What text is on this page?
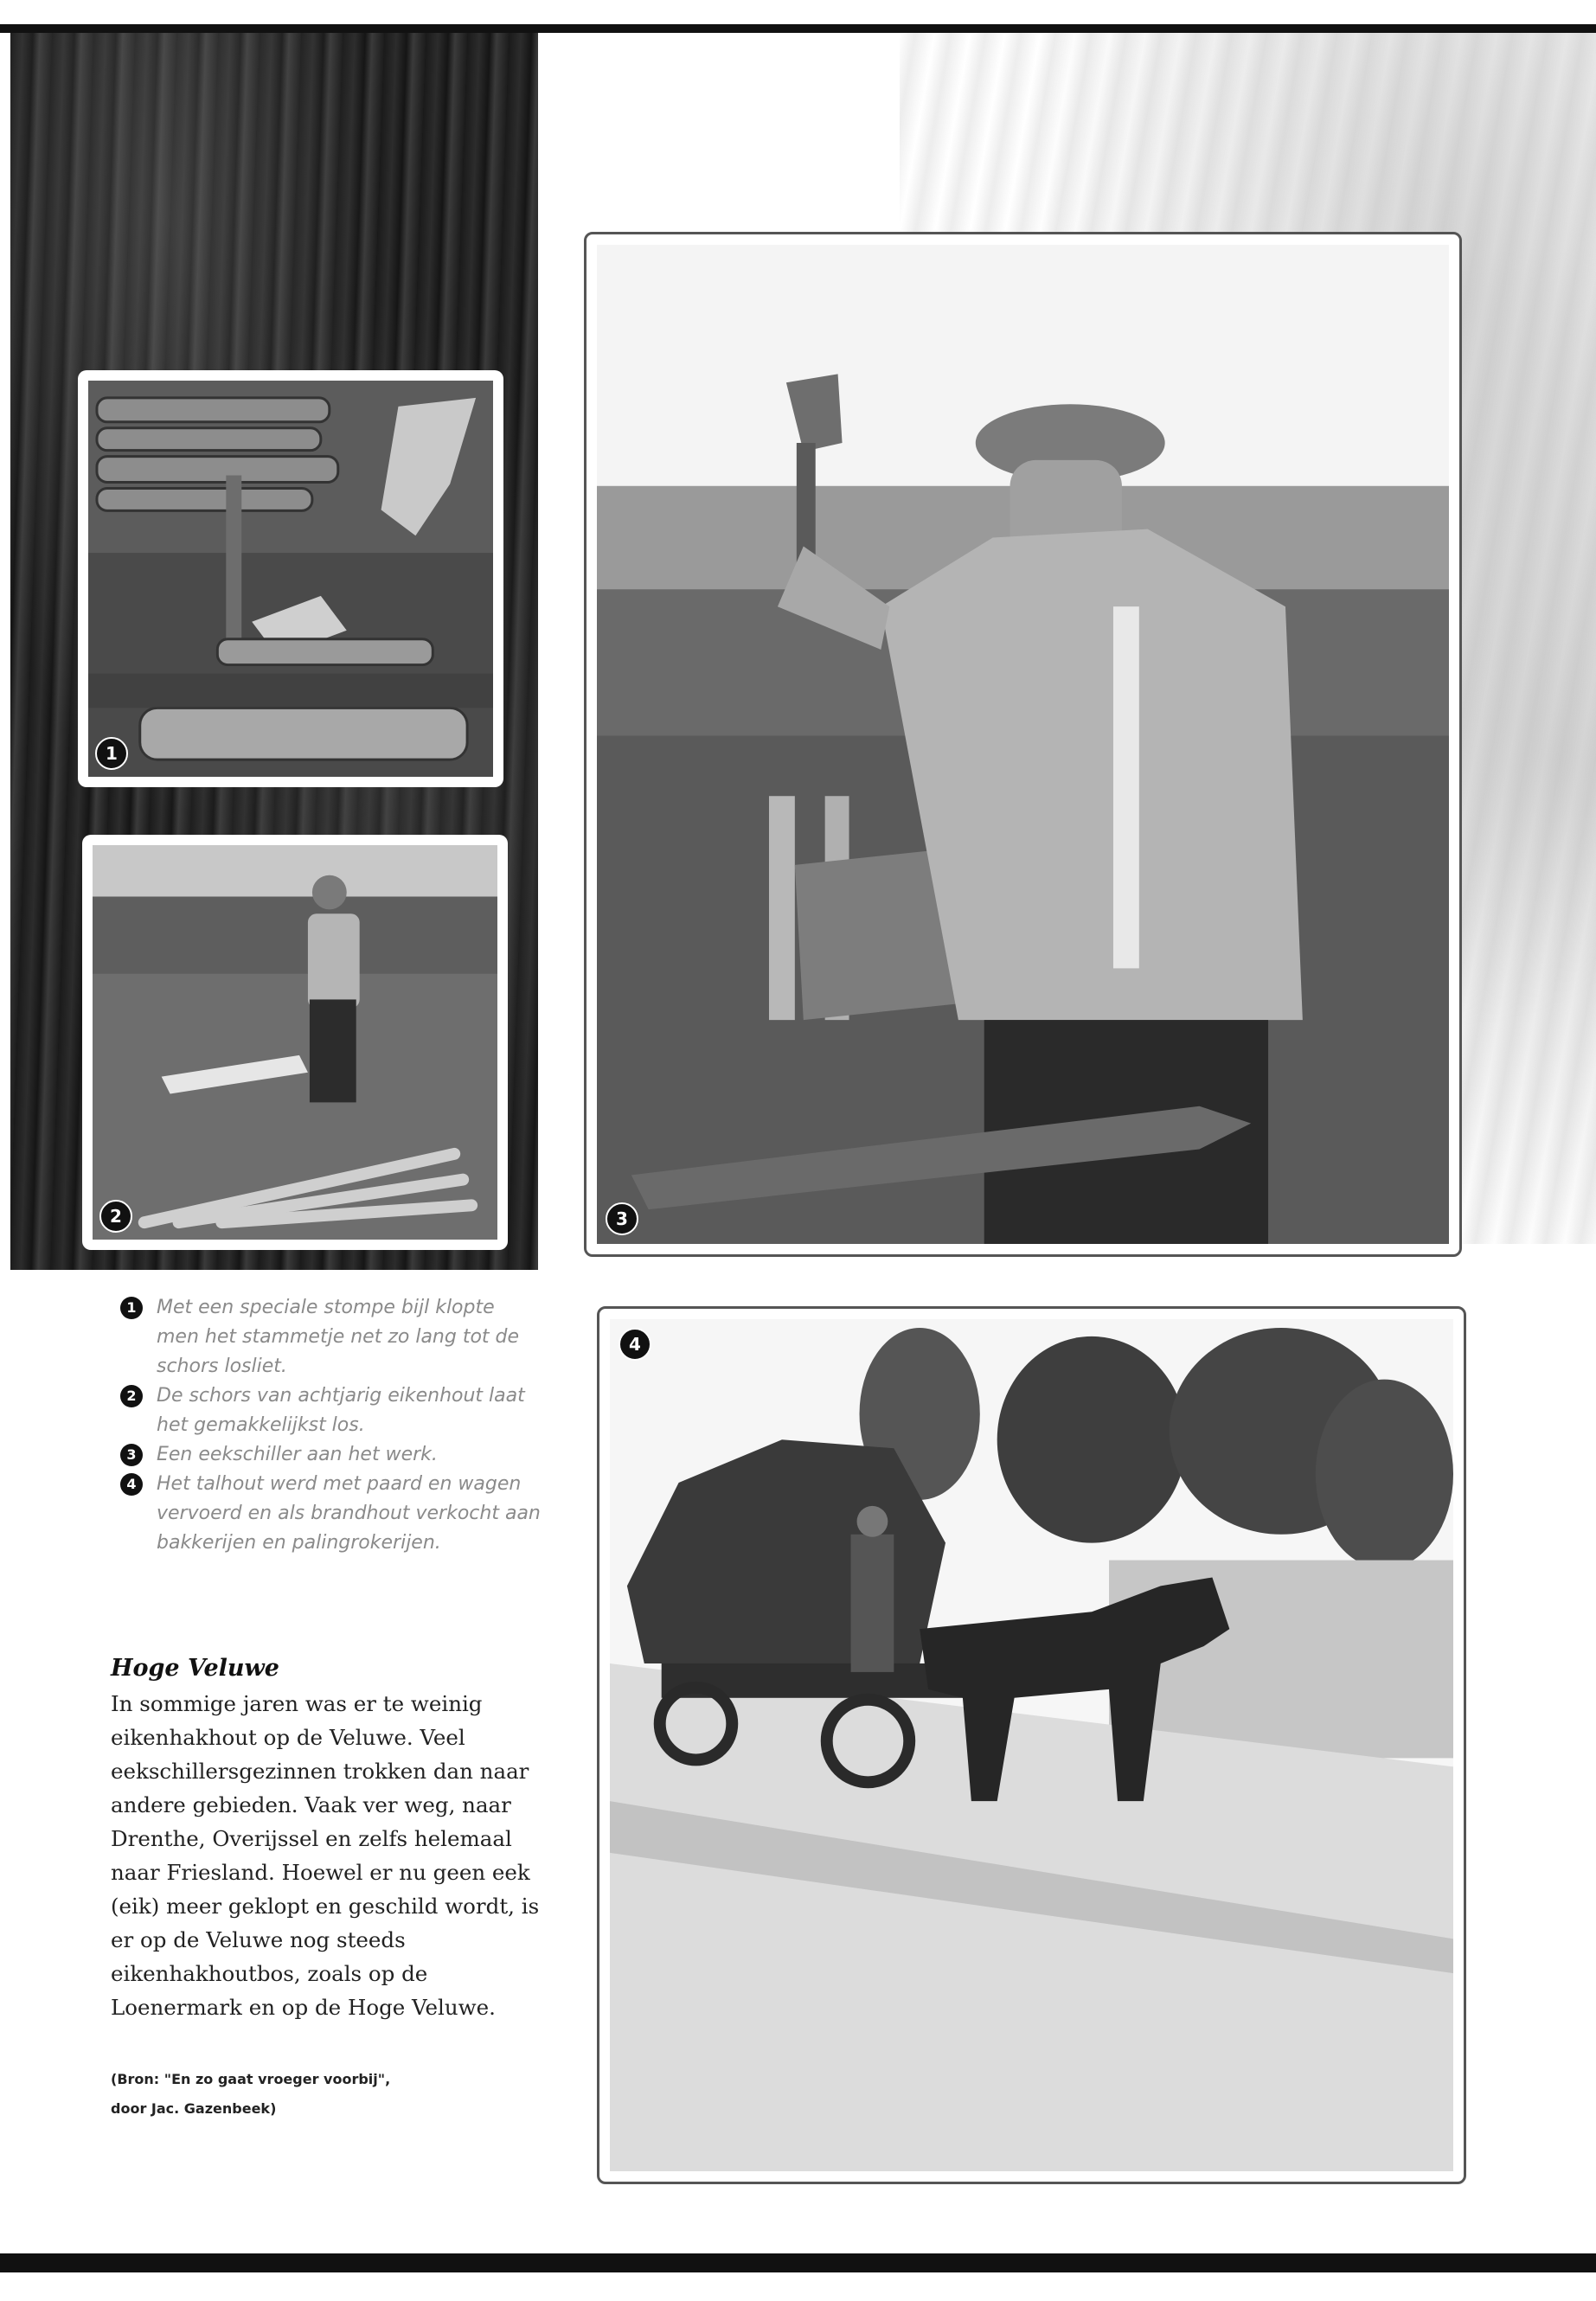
1
2	3
4

1	Met een speciale stompe bijl klopte men het stammetje net zo lang tot de schors losliet.

2	De schors van achtjarig eikenhout laat het gemakkelijkst los.

3	Een eekschiller aan het werk.

4	Het talhout werd met paard en wagen vervoerd en als brandhout verkocht aan bakkerijen en palingrokerijen.

Hoge Veluwe

In sommige jaren was er te weinig eikenhakhout op de Veluwe. Veel eekschillersgezinnen trokken dan naar andere gebieden. Vaak ver weg, naar Drenthe, Overijssel en zelfs helemaal naar Friesland. Hoewel er nu geen eek (eik) meer geklopt en geschild wordt, is er op de Veluwe nog steeds eikenhakhoutbos, zoals op de Loenermark en op de Hoge Veluwe.

(Bron: "En zo gaat vroeger voorbij",
door Jac. Gazenbeek)
